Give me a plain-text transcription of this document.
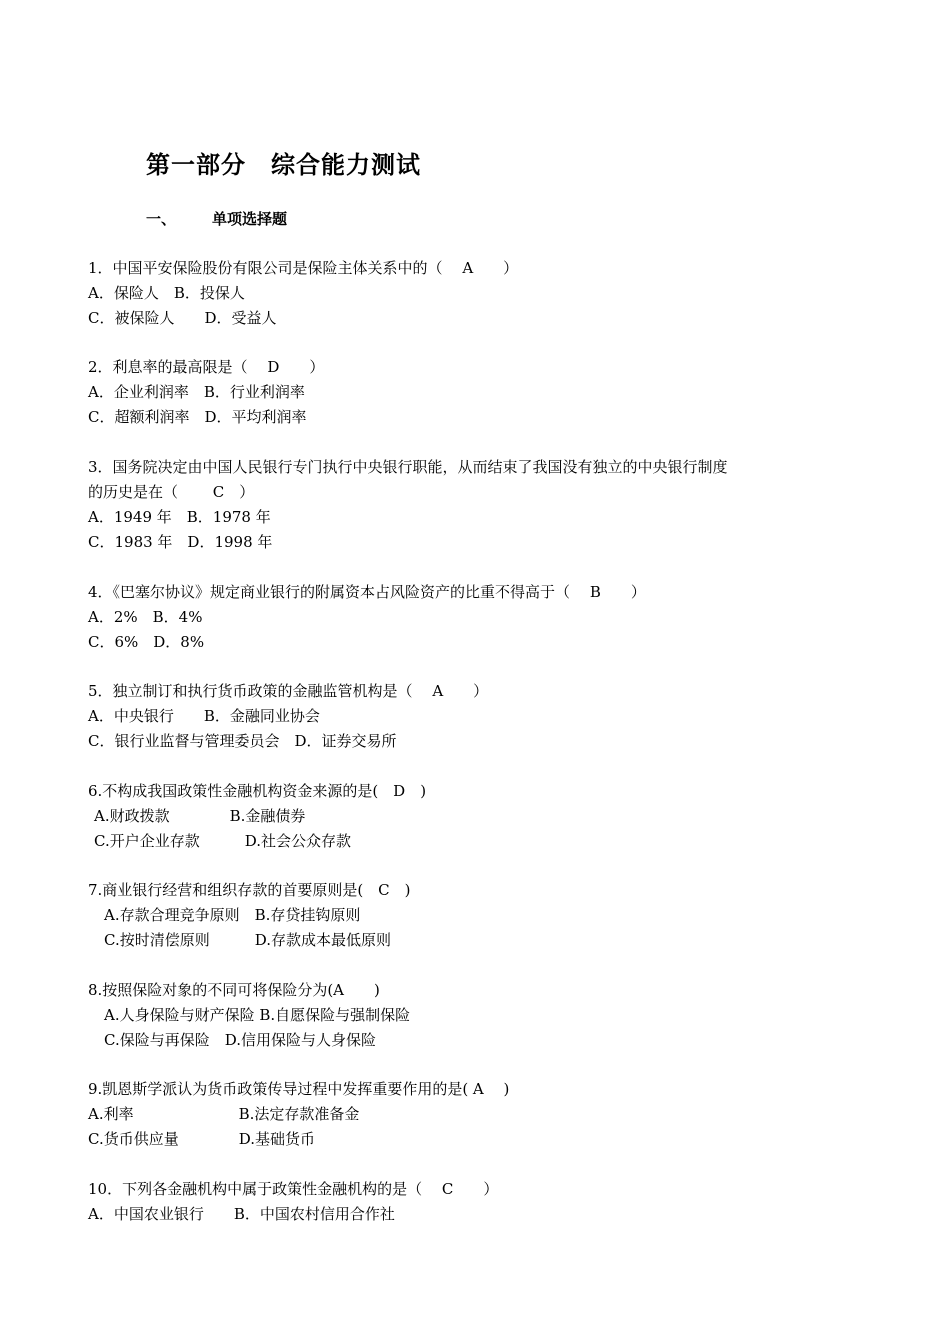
第一部分　综合能力测试
一、 单项选择题
1．中国平安保险股份有限公司是保险主体关系中的（　 A　　）
A．保险人　B．投保人
C．被保险人　　D．受益人
2．利息率的最高限是（　 D　　）
A．企业利润率　B．行业利润率
C．超额利润率　D．平均利润率
3．国务院决定由中国人民银行专门执行中央银行职能，从而结束了我国没有独立的中央银行制度
的历史是在（　　 C　）
A．1949 年　B．1978 年
C．1983 年　D．1998 年
4．《巴塞尔协议》规定商业银行的附属资本占风险资产的比重不得高于（　 B　　）
A．2%　B．4%
C．6%　D．8%
5．独立制订和执行货币政策的金融监管机构是（　 A　　）
A．中央银行　　B．金融同业协会
C．银行业监督与管理委员会　D．证券交易所
6.不构成我国政策性金融机构资金来源的是(　D　)
A.财政拨款　　　　B.金融债券
C.开户企业存款　　　D.社会公众存款
7.商业银行经营和组织存款的首要原则是(　C　)
A.存款合理竞争原则　B.存贷挂钩原则
C.按时清偿原则　　　D.存款成本最低原则
8.按照保险对象的不同可将保险分为(A　　)
A.人身保险与财产保险 B.自愿保险与强制保险
C.保险与再保险　D.信用保险与人身保险
9.凯恩斯学派认为货币政策传导过程中发挥重要作用的是( A　 )
A.利率　　　　　　　B.法定存款准备金
C.货币供应量　　　　D.基础货币
10．下列各金融机构中属于政策性金融机构的是（　 C　　）
A．中国农业银行　　B．中国农村信用合作社
